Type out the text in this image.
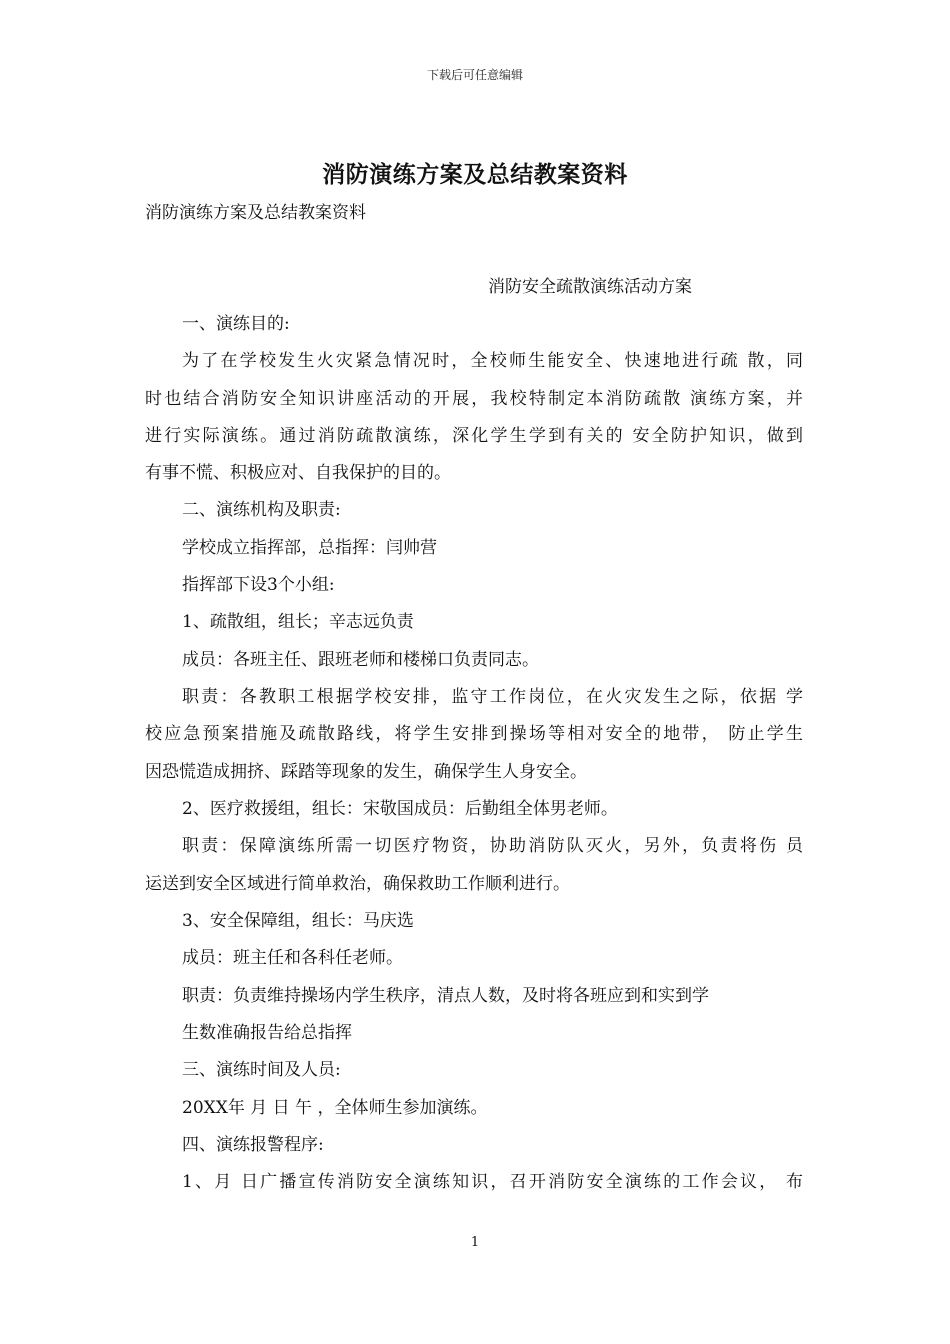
下载后可任意编辑
消防演练方案及总结教案资料
消防演练方案及总结教案资料
消防安全疏散演练活动方案
一、演练目的:
为了在学校发生火灾紧急情况时，全校师生能安全、快速地进行疏 散，同
时也结合消防安全知识讲座活动的开展，我校特制定本消防疏散 演练方案，并
进行实际演练。通过消防疏散演练，深化学生学到有关的 安全防护知识，做到
有事不慌、积极应对、自我保护的目的。
二、演练机构及职责:
学校成立指挥部，总指挥：闫帅营
指挥部下设3个小组:
1、疏散组，组长；辛志远负责
成员：各班主任、跟班老师和楼梯口负责同志。
职责：各教职工根据学校安排，监守工作岗位，在火灾发生之际，依据 学
校应急预案措施及疏散路线，将学生安排到操场等相对安全的地带， 防止学生
因恐慌造成拥挤、踩踏等现象的发生，确保学生人身安全。
2、医疗救援组，组长：宋敬国成员：后勤组全体男老师。
职责：保障演练所需一切医疗物资，协助消防队灭火，另外，负责将伤 员
运送到安全区域进行简单救治，确保救助工作顺利进行。
3、安全保障组，组长：马庆选
成员：班主任和各科任老师。
职责：负责维持操场内学生秩序，清点人数，及时将各班应到和实到学
生数准确报告给总指挥
三、演练时间及人员:
20XX年 月 日 午 ，全体师生参加演练。
四、演练报警程序:
1、月 日广播宣传消防安全演练知识，召开消防安全演练的工作会议， 布
1
